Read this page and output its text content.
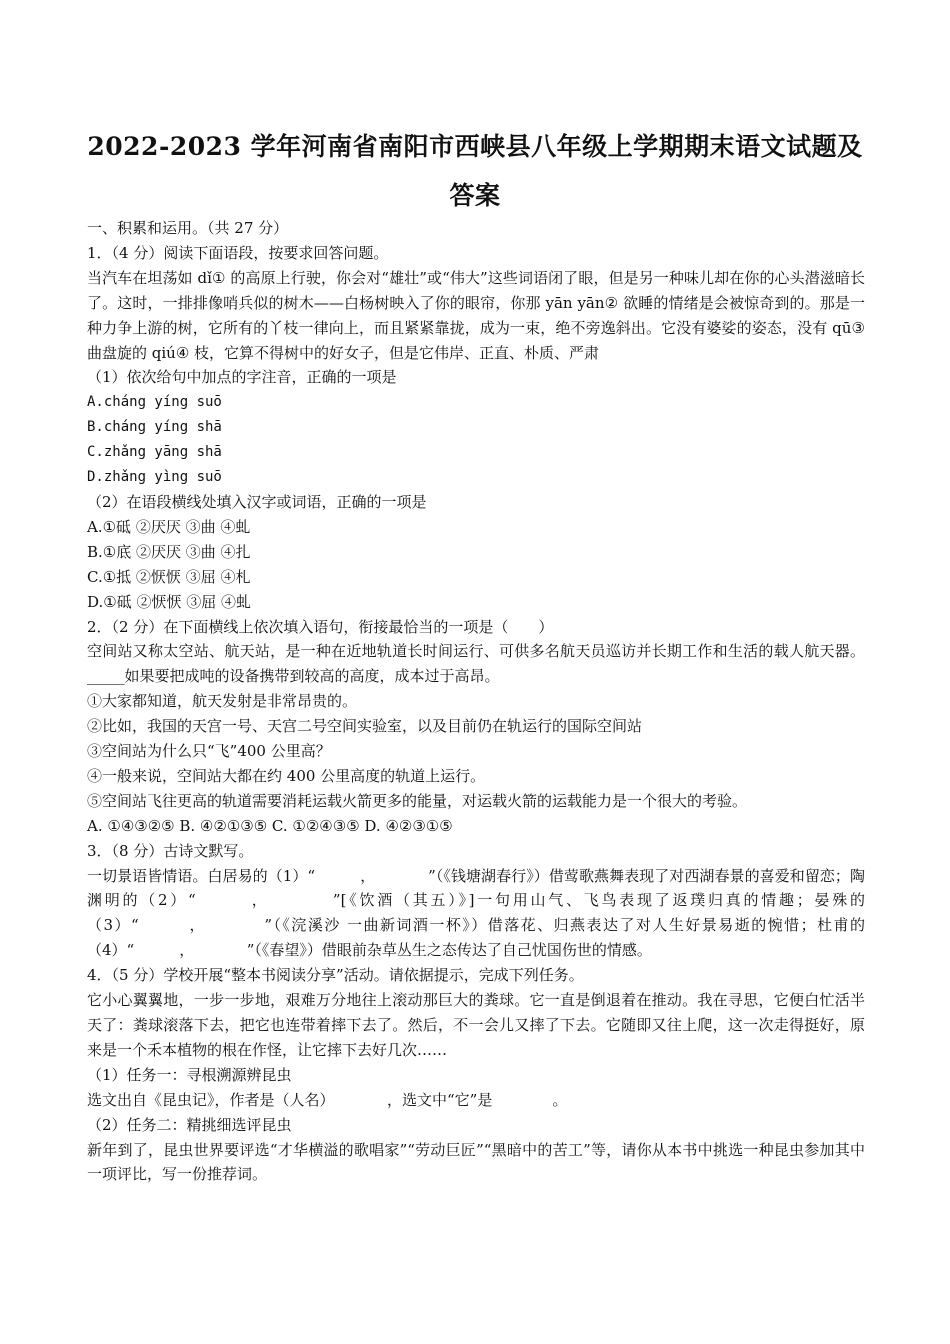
2022-2023 学年河南省南阳市西峡县八年级上学期期末语文试题及答案
一、积累和运用。（共 27 分）
1．（4 分）阅读下面语段，按要求回答问题。
当汽车在坦荡如 dǐ① 的高原上行驶，你会对“雄壮”或“伟大”这些词语闭了眼，但是另一种味儿却在你的心头潜滋暗长了。这时，一排排像哨兵似的树木——白杨树映入了你的眼帘，你那 yān yān② 欲睡的情绪是会被惊奇到的。那是一种力争上游的树，它所有的丫枝一律向上，而且紧紧靠拢，成为一束，绝不旁逸斜出。它没有婆娑的姿态，没有 qū③ 曲盘旋的 qiú④ 枝，它算不得树中的好女子，但是它伟岸、正直、朴质、严肃
（1）依次给句中加点的字注音，正确的一项是
A.cháng yíng suō
B.cháng yíng shā
C.zhǎng yāng shā
D.zhǎng yìng suō
（2）在语段横线处填入汉字或词语，正确的一项是
A.①砥 ②厌厌 ③曲 ④虬
B.①底 ②厌厌 ③曲 ④扎
C.①抵 ②恹恹 ③屈 ④札
D.①砥 ②恹恹 ③屈 ④虬
2．（2 分）在下面横线上依次填入语句，衔接最恰当的一项是（　　）
空间站又称太空站、航天站，是一种在近地轨道长时间运行、可供多名航天员巡访并长期工作和生活的载人航天器。_____如果要把成吨的设备携带到较高的高度，成本过于高昂。
①大家都知道，航天发射是非常昂贵的。
②比如，我国的天宫一号、天宫二号空间实验室，以及目前仍在轨运行的国际空间站
③空间站为什么只“飞”400 公里高？
④一般来说，空间站大都在约 400 公里高度的轨道上运行。
⑤空间站飞往更高的轨道需要消耗运载火箭更多的能量，对运载火箭的运载能力是一个很大的考验。
A. ①④③②⑤ B. ④②①③⑤ C. ①②④③⑤ D. ④②③①⑤
3．（8 分）古诗文默写。
一切景语皆情语。白居易的（1）“　　　，　　　　”（《钱塘湖春行》）借莺歌燕舞表现了对西湖春景的喜爱和留恋；陶渊明的（2）“　　　，　　　　”[《饮酒（其五）》]一句用山气、飞鸟表现了返璞归真的情趣；晏殊的（3）“　　　，　　　　”（《浣溪沙 一曲新词酒一杯》）借落花、归燕表达了对人生好景易逝的惋惜；杜甫的（4）“　　　，　　　　”（《春望》）借眼前杂草丛生之态传达了自己忧国伤世的情感。
4．（5 分）学校开展“整本书阅读分享”活动。请依据提示，完成下列任务。
它小心翼翼地，一步一步地，艰难万分地往上滚动那巨大的粪球。它一直是倒退着在推动。我在寻思，它便白忙活半天了：粪球滚落下去，把它也连带着摔下去了。然后，不一会儿又摔了下去。它随即又往上爬，这一次走得挺好，原来是一个禾本植物的根在作怪，让它摔下去好几次……
（1）任务一：寻根溯源辨昆虫
选文出自《昆虫记》，作者是（人名）　　　　，选文中“它”是　　　　。
（2）任务二：精挑细选评昆虫
新年到了，昆虫世界要评选“才华横溢的歌唱家”“劳动巨匠”“黑暗中的苦工”等，请你从本书中挑选一种昆虫参加其中一项评比，写一份推荐词。
